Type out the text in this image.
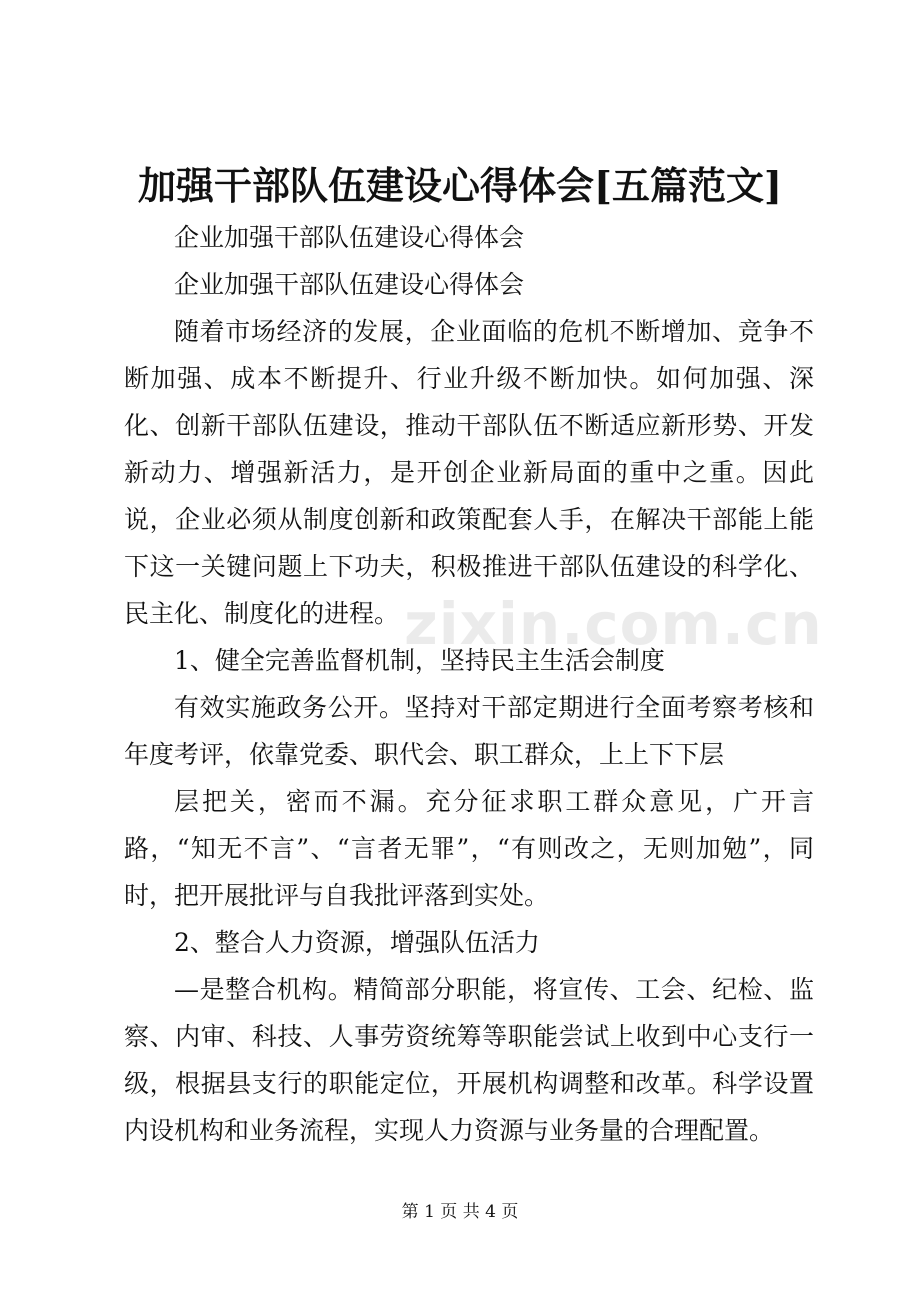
加强干部队伍建设心得体会[五篇范文]

企业加强干部队伍建设心得体会

企业加强干部队伍建设心得体会

随着市场经济的发展，企业面临的危机不断增加、竞争不断加强、成本不断提升、行业升级不断加快。如何加强、深化、创新干部队伍建设，推动干部队伍不断适应新形势、开发新动力、增强新活力，是开创企业新局面的重中之重。因此说，企业必须从制度创新和政策配套人手，在解决干部能上能下这一关键问题上下功夫，积极推进干部队伍建设的科学化、民主化、制度化的进程。

1、健全完善监督机制，坚持民主生活会制度

有效实施政务公开。坚持对干部定期进行全面考察考核和年度考评，依靠党委、职代会、职工群众，上上下下层

层把关，密而不漏。充分征求职工群众意见，广开言路，“知无不言”、“言者无罪”，“有则改之，无则加勉”，同时，把开展批评与自我批评落到实处。

2、整合人力资源，增强队伍活力

—是整合机构。精简部分职能，将宣传、工会、纪检、监察、内审、科技、人事劳资统筹等职能尝试上收到中心支行一级，根据县支行的职能定位，开展机构调整和改革。科学设置内设机构和业务流程，实现人力资源与业务量的合理配置。

zixin.com.cn
第 1 页 共 4 页
